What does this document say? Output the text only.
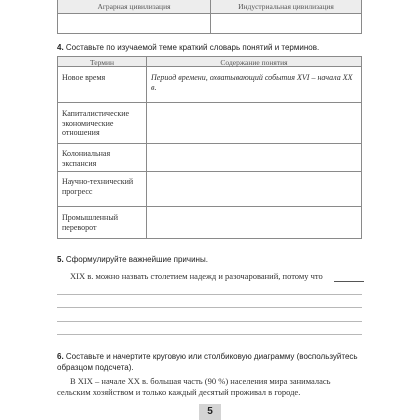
Аграрная цивилизация	Индустриальная цивилизация
4. Составьте по изучаемой теме краткий словарь понятий и терминов.
Термин	Содержание понятия
Новое время	Период времени, охватывающий события XVI – начала XX в.
Капиталистические экономические отношения
Колониальная экспансия
Научно-технический прогресс
Промышленный переворот
5. Сформулируйте важнейшие причины.
XIX в. можно назвать столетием надежд и разочарований, потому что
6. Составьте и начертите круговую или столбиковую диаграмму (воспользуйтесь образцом подсчета).
В XIX – начале XX в. большая часть (90 %) населения мира занималась сельским хозяйством и только каждый десятый проживал в городе.
5
